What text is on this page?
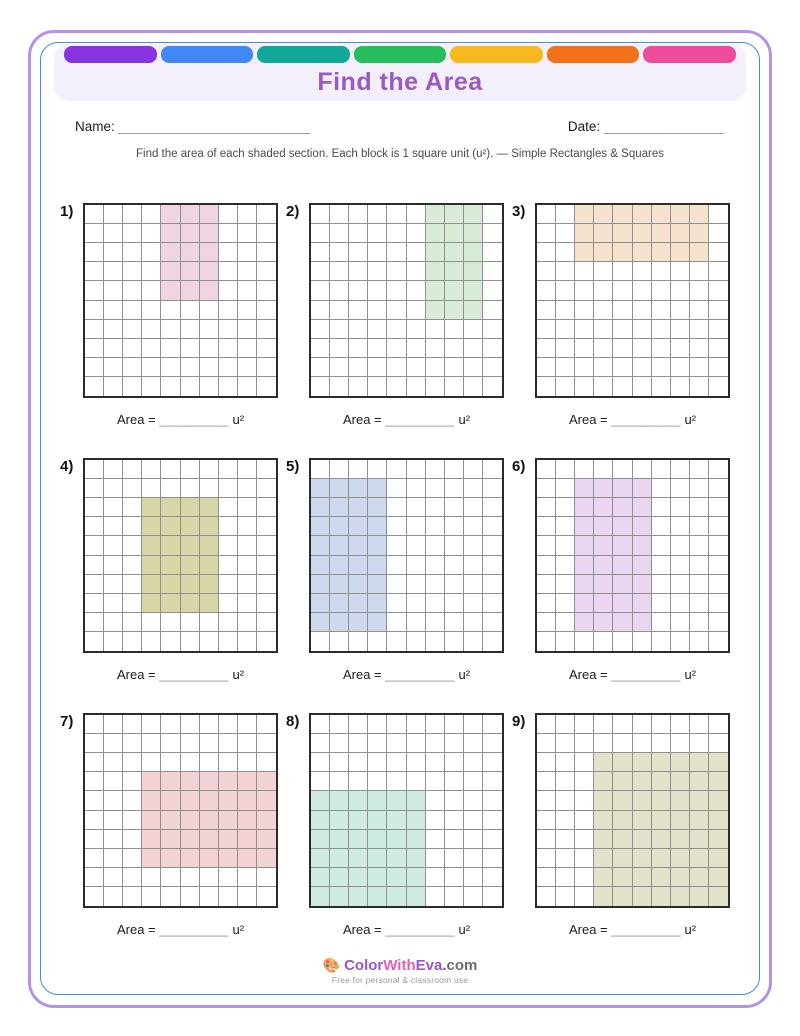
Find the Area
Name: ________________________	Date: _______________
Find the area of each shaded section. Each block is 1 square unit (u²). — Simple Rectangles & Squares
1)
Area = _________ u²
2)
Area = _________ u²
3)
Area = _________ u²
4)
Area = _________ u²
5)
Area = _________ u²
6)
Area = _________ u²
7)
Area = _________ u²
8)
Area = _________ u²
9)
Area = _________ u²
🎨 ColorWithEva.com
Free for personal & classroom use
